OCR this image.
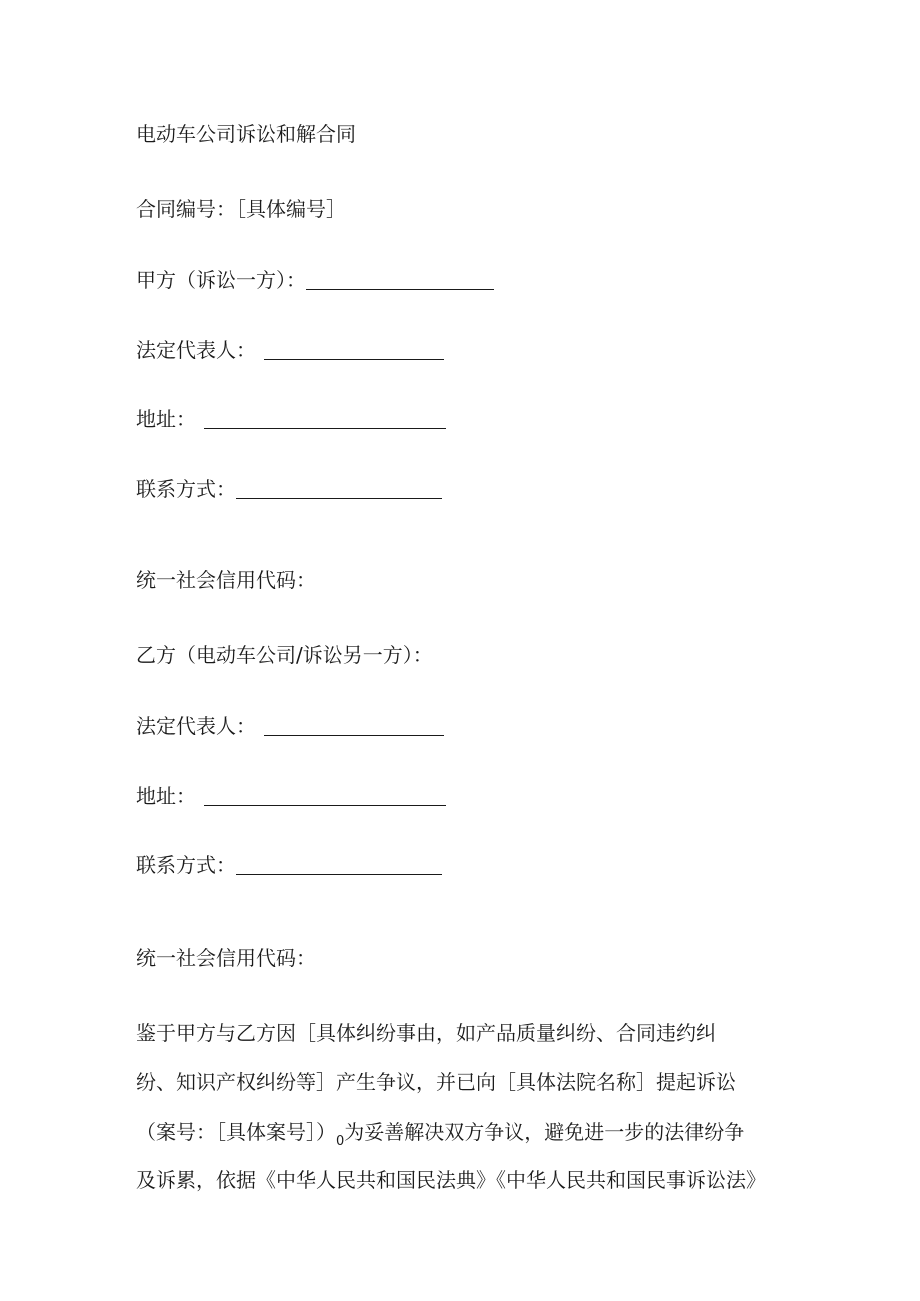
电动车公司诉讼和解合同
合同编号：［具体编号］
甲方（诉讼一方）：
法定代表人：
地址：
联系方式：
统一社会信用代码：
乙方（电动车公司/诉讼另一方）：
法定代表人：
地址：
联系方式：
统一社会信用代码：
鉴于甲方与乙方因［具体纠纷事由，如产品质量纠纷、合同违约纠
纷、知识产权纠纷等］产生争议，并已向［具体法院名称］提起诉讼
（案号：［具体案号$])_0$为妥善解决双方争议，避免进一步的法律纷争
及诉累，依据《中华人民共和国民法典》《中华人民共和国民事诉讼法》
